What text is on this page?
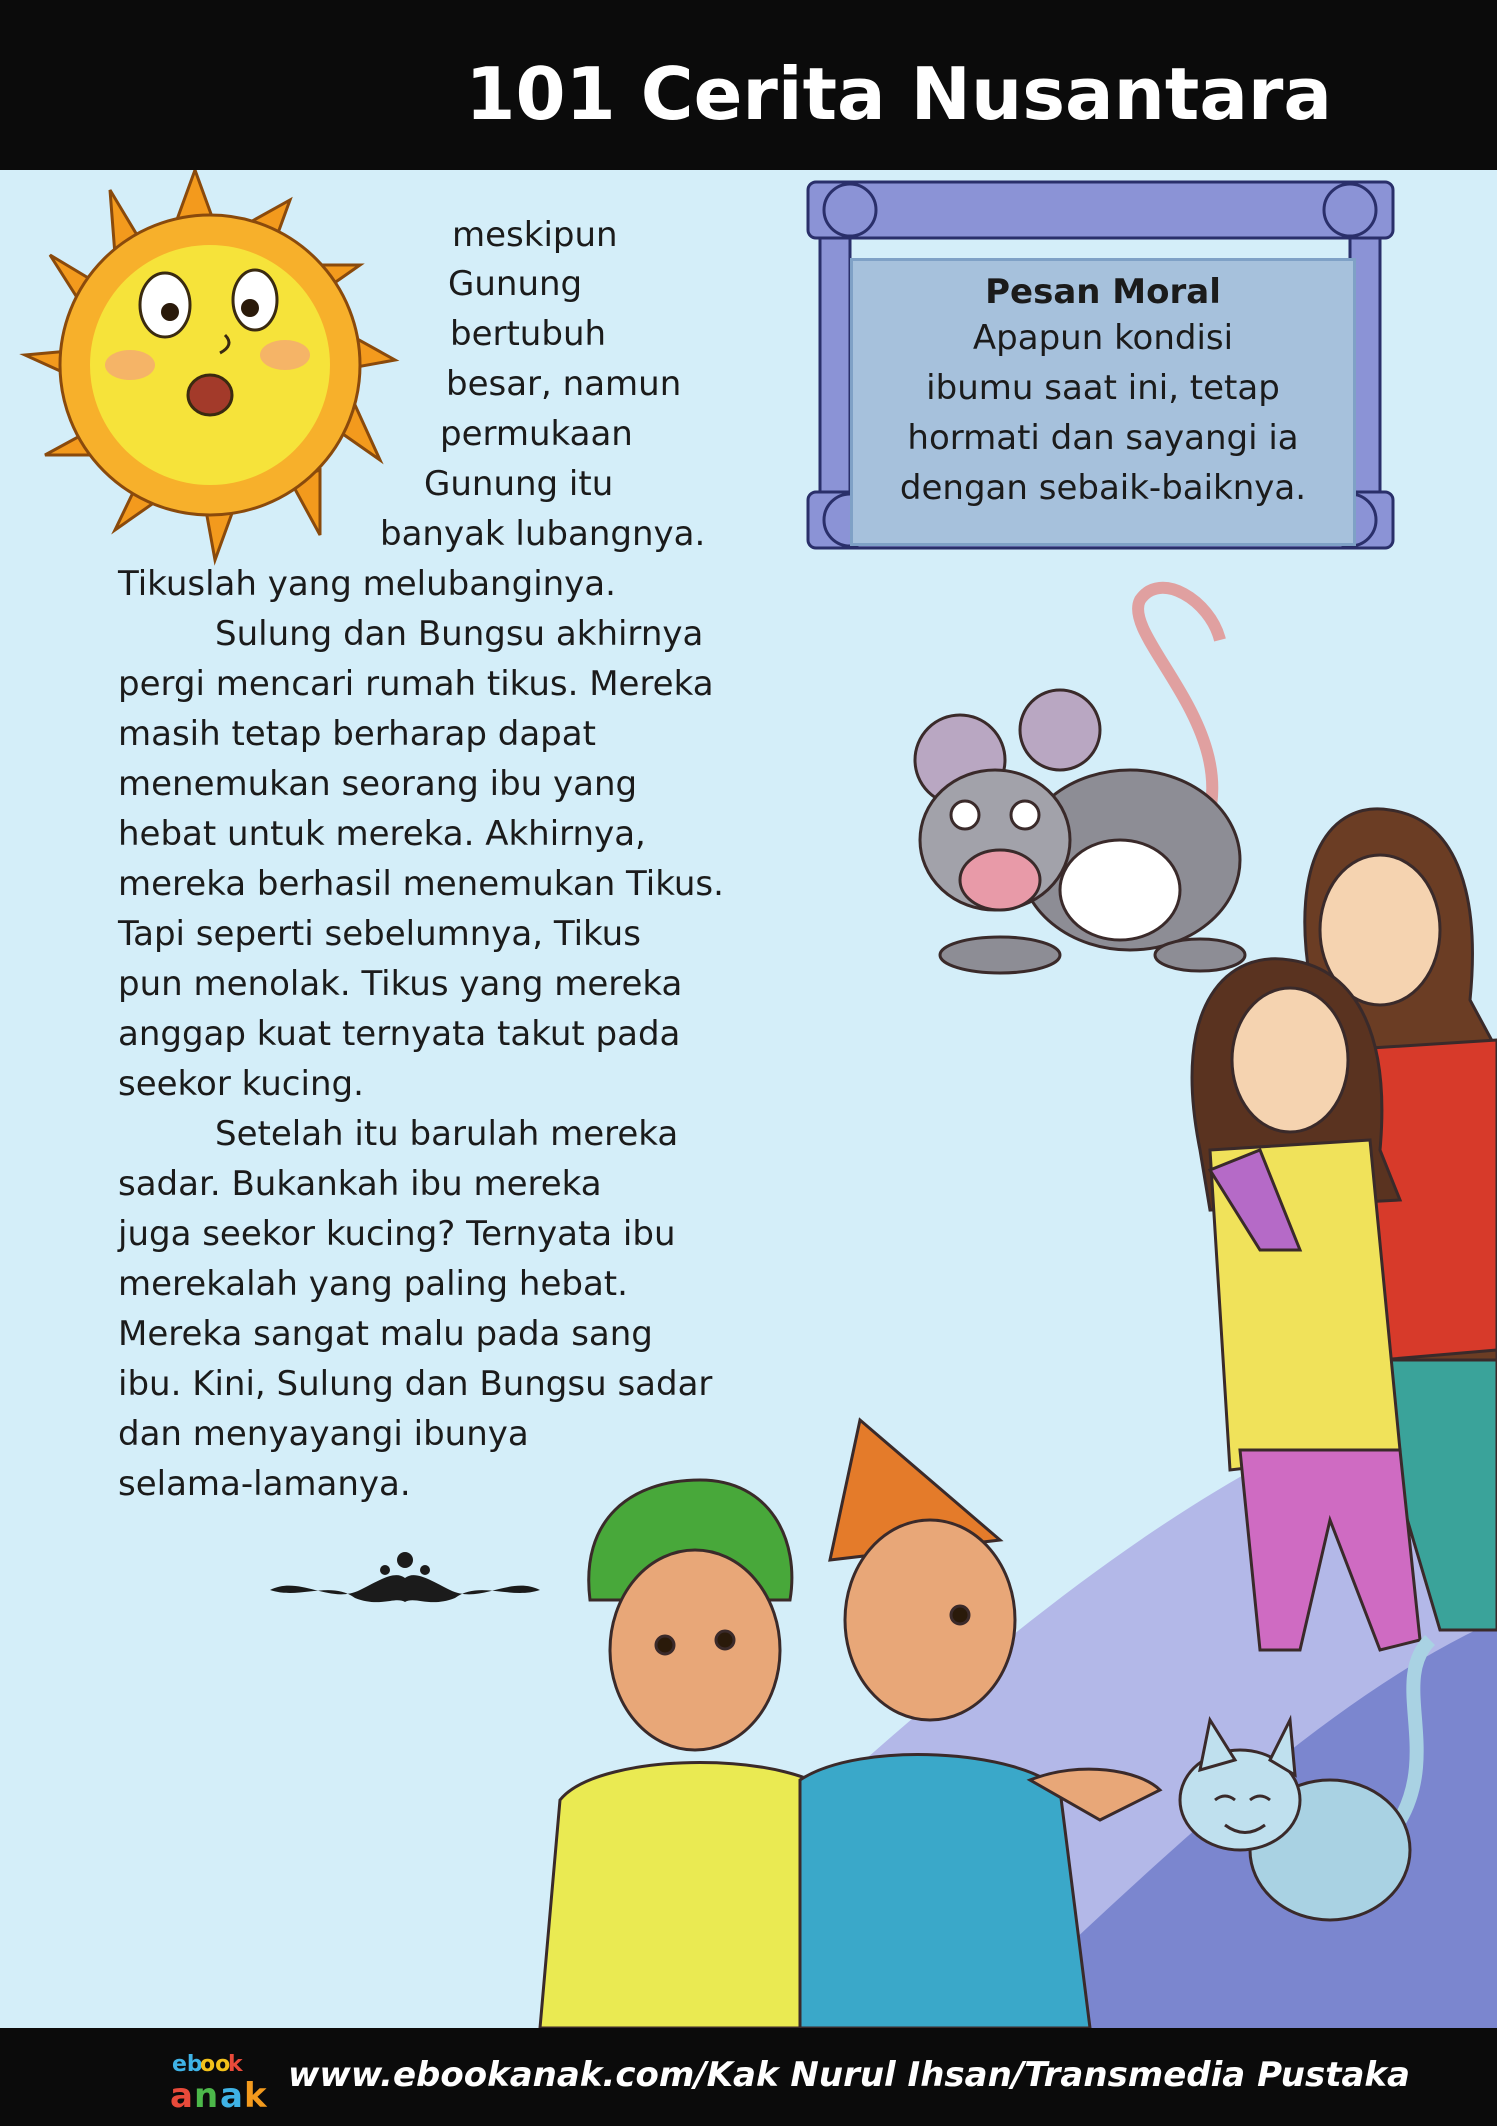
101 Cerita Nusantara
meskipun
Gunung
bertubuh
besar, namun
permukaan
Gunung itu
banyak lubangnya.
Tikuslah yang melubanginya.
Sulung dan Bungsu akhirnya
pergi mencari rumah tikus. Mereka
masih tetap berharap dapat
menemukan seorang ibu yang
hebat untuk mereka. Akhirnya,
mereka berhasil menemukan Tikus.
Tapi seperti sebelumnya, Tikus
pun menolak. Tikus yang mereka
anggap kuat ternyata takut pada
seekor kucing.
Setelah itu barulah mereka
sadar. Bukankah ibu mereka
juga seekor kucing? Ternyata ibu
merekalah yang paling hebat.
Mereka sangat malu pada sang
ibu. Kini, Sulung dan Bungsu sadar
dan menyayangi ibunya
selama-lamanya.
Pesan Moral
Apapun kondisi
ibumu saat ini, tetap
hormati dan sayangi ia
dengan sebaik-baiknya.
eb
oo
k
a n a k
www.ebookanak.com/Kak Nurul Ihsan/Transmedia Pustaka
